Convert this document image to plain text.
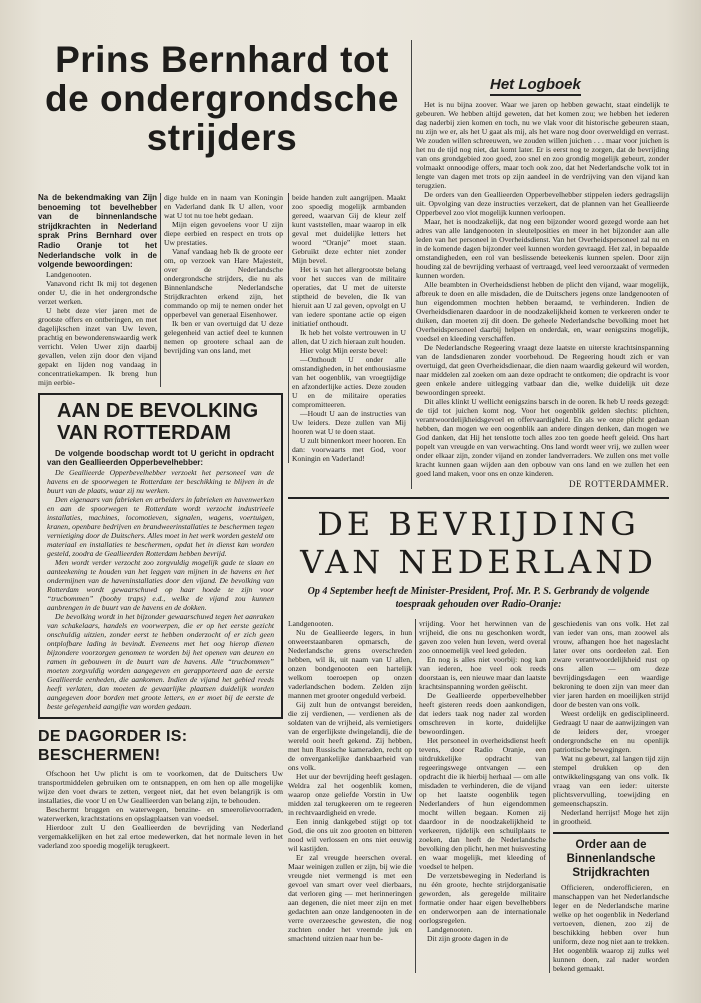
Prins Bernhard tot de ondergrondsche strijders
Het Logboek

Het is nu bijna zoover. Waar we jaren op hebben gewacht, staat eindelijk te gebeuren. We hebben altijd geweten, dat het komen zou; we hebben het iederen dag naderbij zien komen en toch, nu we vlak voor dit historische gebeuren staan, nu zijn we er, als het U gaat als mij, als het ware nog door overweldigd en verrast. We zouden willen schreeuwen, we zouden willen juichen . . . maar voor juichen is het nu de tijd nog niet, dat komt later. Er is eerst nog te zorgen, dat de bevrijding van ons grondgebied zoo goed, zoo snel en zoo grondig mogelijk gebeurt, zonder volmaakt onnoodige offers, maar toch ook zoo, dat het Nederlandsche volk tot in lengte van dagen met trots op zijn aandeel in de verdrijving van den vijand kan terugzien.

De orders van den Geallieerden Opperbevelhebber stippelen ieders gedragslijn uit. Opvolging van deze instructies verzekert, dat de plannen van het Geallieerde Opperbevel zoo vlot mogelijk kunnen verloopen.

Maar, het is noodzakelijk, dat nog een bijzonder woord gezegd worde aan het adres van alle landgenooten in sleutelposities en meer in het bijzonder aan alle leden van het personeel in Overheidsdienst. Van het Overheidspersoneel zal nu en in de komende dagen bijzonder veel kunnen worden gevraagd. Het zal, in bepaalde omstandigheden, een rol van beslissende beteekenis kunnen spelen. Door zijn houding zal de bevrijding verhaast of vertraagd, veel leed veroorzaakt of vermeden kunnen worden.

Alle beambten in Overheidsdienst hebben de plicht den vijand, waar mogelijk, afbreuk te doen en alle misdaden, die de Duitschers jegens onze landgenooten of hun eigendommen mochten hebben beraamd, te verhinderen. Indien de Overheidsdienaren daardoor in de noodzakelijkheid komen te verkeeren onder te duiken, dan moeten zij dit doen. De geheele Nederlandsche bevolking moet het Overheidspersoneel daarbij helpen en onderdak, en, waar eenigszins mogelijk, voedsel en kleeding verschaffen.

De Nederlandsche Regeering vraagt deze laatste en uiterste krachtsinspanning van de landsdienaren zonder voorbehoud. De Regeering houdt zich er van overtuigd, dat geen Overheidsdienaar, die dien naam waardig gekeurd wil worden, naar middelen zal zoeken om aan deze opdracht te ontkomen; die opdracht is voor geen enkele andere uitlegging vatbaar dan die, welke duidelijk uit deze bewoordingen spreekt.

Dit alles klinkt U wellicht eenigszins barsch in de ooren. Ik heb U reeds gezegd: de tijd tot juichen komt nog. Voor het oogenblik gelden slechts: plichten, verantwoordelijkheidsgevoel en offervaardigheid. En als we onze plicht gedaan hebben, dan mogen we een oogenblik aan andere dingen denken, dan mogen we God danken, dat Hij het tenslotte toch alles zoo ten goede heeft geleid. Ons hart popelt van vreugde en van verwachting. Ons land wordt weer vrij, we zullen weer onder elkaar zijn, zonder vijand en zonder landverraders. We zullen ons met volle kracht kunnen gaan wijden aan den opbouw van ons land en we zullen het een goed land maken, voor ons en onze kinderen.

DE ROTTERDAMMER.

Na de bekendmaking van Zijn benoeming tot bevelhebber van de binnenlandsche strijdkrachten in Nederland sprak Prins Bernhard over Radio Oranje tot het Nederlandsche volk in de volgende bewoordingen:

Landgenooten.

Vanavond richt Ik mij tot degenen onder U, die in het ondergrondsche verzet werken.

U hebt deze vier jaren met de grootste offers en ontberingen, en met dagelijkschen inzet van Uw leven, prachtig en bewonderenswaardig werk verricht. Velen Uwer zijn daarbij gevallen, velen zijn door den vijand gepakt en lijden nog vandaag in concentratiekampen. Ik breng hun mijn eerbie-

dige hulde en in naam van Koningin en Vaderland dank Ik U allen, voor wat U tot nu toe hebt gedaan.

Mijn eigen gevoelens voor U zijn diepe eerbied en respect en trots op Uw prestaties.

Vanaf vandaag heb Ik de groote eer om, op verzoek van Hare Majesteit, over de Nederlandsche ondergrondsche strijders, die nu als Binnenlandsche Nederlandsche Strijdkrachten erkend zijn, het commando op mij te nemen onder het opperbevel van generaal Eisenhower.

Ik ben er van overtuigd dat U deze gelegenheid van actief deel te kunnen nemen op grootere schaal aan de bevrijding van ons land, met

AAN DE BEVOLKING VAN ROTTERDAM

De volgende boodschap wordt tot U gericht in opdracht van den Geallieerden Opperbevelhebber:

De Geallieerde Opperbevelhebber verzoekt het personeel van de havens en de spoorwegen te Rotterdam ter beschikking te blijven in de buurt van de plaats, waar zij nu werken.

Den eigenaars van fabrieken en arbeiders in fabrieken en havenwerken en aan de spoorwegen te Rotterdam wordt verzocht industrieele installaties, machines, locomotieven, signalen, wagens, voertuigen, kranen, openbare bedrijven en brandweerinstallaties te beschermen tegen vernietiging door de Duitschers. Alles moet in het werk worden gesteld om materiaal en installaties te beschermen, opdat het in dienst kan worden gesteld, zoodra de Geallieerden Rotterdam hebben bevrijd.

Men wordt verder verzocht zoo zorgvuldig mogelijk gade te slaan en aanteekening te houden van het leggen van mijnen in de havens en het ondermijnen van de haveninstallaties door den vijand. De bevolking van Rotterdam wordt gewaarschuwd op haar hoede te zijn voor “trucbommen” (booby traps) e.d., welke de vijand zou kunnen aanbrengen in de buurt van de havens en de dokken.

De bevolking wordt in het bijzonder gewaarschuwd tegen het aanraken van schakelaars, handels en voorwerpen, die er op het eerste gezicht onschuldig uitzien, zonder eerst te hebben onderzocht of er zich geen ontplofbare lading in bevindt. Eveneens met het oog hierop dienen bijzondere voorzorgen genomen te worden bij het openen van deuren en ramen in gebouwen in de buurt van de havens. Alle “trucbommen” moeten zorgvuldig worden aangegeven en gerapporteerd aan de eerste Geallieerde eenheden, die aankomen. Indien de vijand het gebied reeds heeft verlaten, dan moeten de gevaarlijke plaatsen duidelijk worden aangegeven door borden met groote letters, en er moet bij de eerste de beste gelegenheid aangifte van worden gedaan.

DE DAGORDER IS: BESCHERMEN!

Ofschoon het Uw plicht is om te voorkomen, dat de Duitschers Uw transportmiddelen gebruiken om te ontsnappen, en om hen op alle mogelijke wijze den voet dwars te zetten, vergeet niet, dat het even belangrijk is om installaties, die voor U en Uw Geallieerden van belang zijn, te behouden.

Beschermt bruggen en waterwegen, benzine- en smeerolievoorraden, waterwerken, krachtstations en opslagplaatsen van voedsel.

Hierdoor zult U den Geallieerden de bevrijding van Nederland vergemakkelijken en het zal ertoe medewerken, dat het normale leven in het vaderland zoo spoedig mogelijk terugkeert.

beide handen zult aangrijpen. Maakt zoo spoedig mogelijk armbanden gereed, waarvan Gij de kleur zelf kunt vaststellen, maar waarop in elk geval met duidelijke letters het woord “Oranje” moet staan. Gebruikt deze echter niet zonder Mijn bevel.

Het is van het allergrootste belang voor het succes van de militaire operaties, dat U met de uiterste stiptheid de bevelen, die Ik van hieruit aan U zal geven, opvolgt en U van iedere spontane actie op eigen initiatief onthoudt.

Ik heb het volste vertrouwen in U allen, dat U zich hieraan zult houden.

Hier volgt Mijn eerste bevel:

—Onthoudt U onder alle omstandigheden, in het enthousiasme van het oogenblik, van vroegtijdige en afzonderlijke acties. Deze zouden U en de militaire operaties compromitteeren.

—Houdt U aan de instructies van Uw leiders. Deze zullen van Mij hooren wat U te doen staat.

U zult binnenkort meer hooren. En dan: voorwaarts met God, voor Koningin en Vaderland!

DE BEVRIJDING VAN NEDERLAND
Op 4 September heeft de Minister-President, Prof. Mr. P. S. Gerbrandy de volgende toespraak gehouden over Radio-Oranje:

Landgenooten.

Nu de Geallieerde legers, in hun onweerstaanbaren opmarsch, de Nederlandsche grens overschreden hebben, wil ik, uit naam van U allen, onzen bondgenooten een hartelijk welkom toeroepen op onzen vaderlandschen bodem. Zelden zijn mannen met grooter ongeduld verbeid.

Gij zult hun de ontvangst bereiden, die zij verdienen, — verdienen als de soldaten van de vrijheid, als vernietigers van de ergerlijkste dwingelandij, die de wereld ooit heeft gekend. Zij hebben, met hun Russische kameraden, recht op de onvergankelijke dankbaarheid van ons volk.

Het uur der bevrijding heeft geslagen. Weldra zal het oogenblik komen, waarop onze geliefde Vorstin in Uw midden zal terugkeeren om te regeeren in rechtvaardigheid en vrede.

Een innig dankgebed stijgt op tot God, die ons uit zoo grooten en bitteren nood wil verlossen en ons niet eeuwig wil kastijden.

Er zal vreugde heerschen overal. Maar weinigen zullen er zijn, bij wie die vreugde niet vermengd is met een gevoel van smart over veel dierbaars, dat verloren ging — met herinneringen aan degenen, die niet meer zijn en met gedachten aan onze landgenooten in de verre overzeesche gewesten, die nog zuchten onder het vreemde juk en smachtend uitzien naar hun be-

vrijding. Voor het herwinnen van de vrijheid, die ons nu geschonken wordt, gaven zoo velen hun leven, werd overal zoo onnoemelijk veel leed geleden.

En nog is alles niet voorbij: nog kan van iederen, hoe veel ook reeds doorstaan is, een nieuwe maar dan laatste krachtsinspanning worden geëischt.

De Geallieerde opperbevelhebber heeft gisteren reeds doen aankondigen, dat ieders taak nog nader zal worden omschreven in korte, duidelijke bewoordingen.

Het personeel in overheidsdienst heeft tevens, door Radio Oranje, een uitdrukkelijke opdracht van regeeringswege ontvangen — een opdracht die ik hierbij herhaal — om alle misdaden te verhinderen, die de vijand op het laatste oogenblik tegen Nederlanders of hun eigendommen mocht willen begaan. Komen zij daardoor in de noodzakelijkheid te verkeeren, tijdelijk een schuilplaats te zoeken, dan heeft de Nederlandsche bevolking den plicht, hen met huisvesting en waar mogelijk, met kleeding of voedsel te helpen.

De verzetsbeweging in Nederland is nu één groote, hechte strijdorganisatie geworden, als geregelde militaire formatie onder haar eigen bevelhebbers en onderworpen aan de internationale oorlogsregelen.

Landgenooten.

Dit zijn groote dagen in de

geschiedenis van ons volk. Het zal van ieder van ons, man zoowel als vrouw, afhangen hoe het nageslacht later over ons oordeelen zal. Een zware verantwoordelijkheid rust op ons allen — om deze bevrijdingsdagen een waardige bekroning te doen zijn van meer dan vier jaren harden en moeilijken strijd door de besten van ons volk.

Weest ordelijk en gedisciplineerd. Gedraagt U naar de aanwijzingen van de leiders der, vroeger ondergrondsche en nu openlijk patriottische bewegingen.

Wat nu gebeurt, zal langen tijd zijn stempel drukken op den ontwikkelingsgang van ons volk. Ik vraag van een ieder: uiterste plichtsvervulling, toewijding en gemeenschapszin.

Nederland herrijst! Moge het zijn in grootheid.

Order aan de Binnenlandsche Strijdkrachten

Officieren, onderofficieren, en manschappen van het Nederlandsche leger en de Nederlandsche marine welke op het oogenblik in Nederland vertoeven, dienen, zoo zij de beschikking hebben over hun uniform, deze nog niet aan te trekken. Het oogenblik waarop zij zulks wel kunnen doen, zal nader worden bekend gemaakt.
